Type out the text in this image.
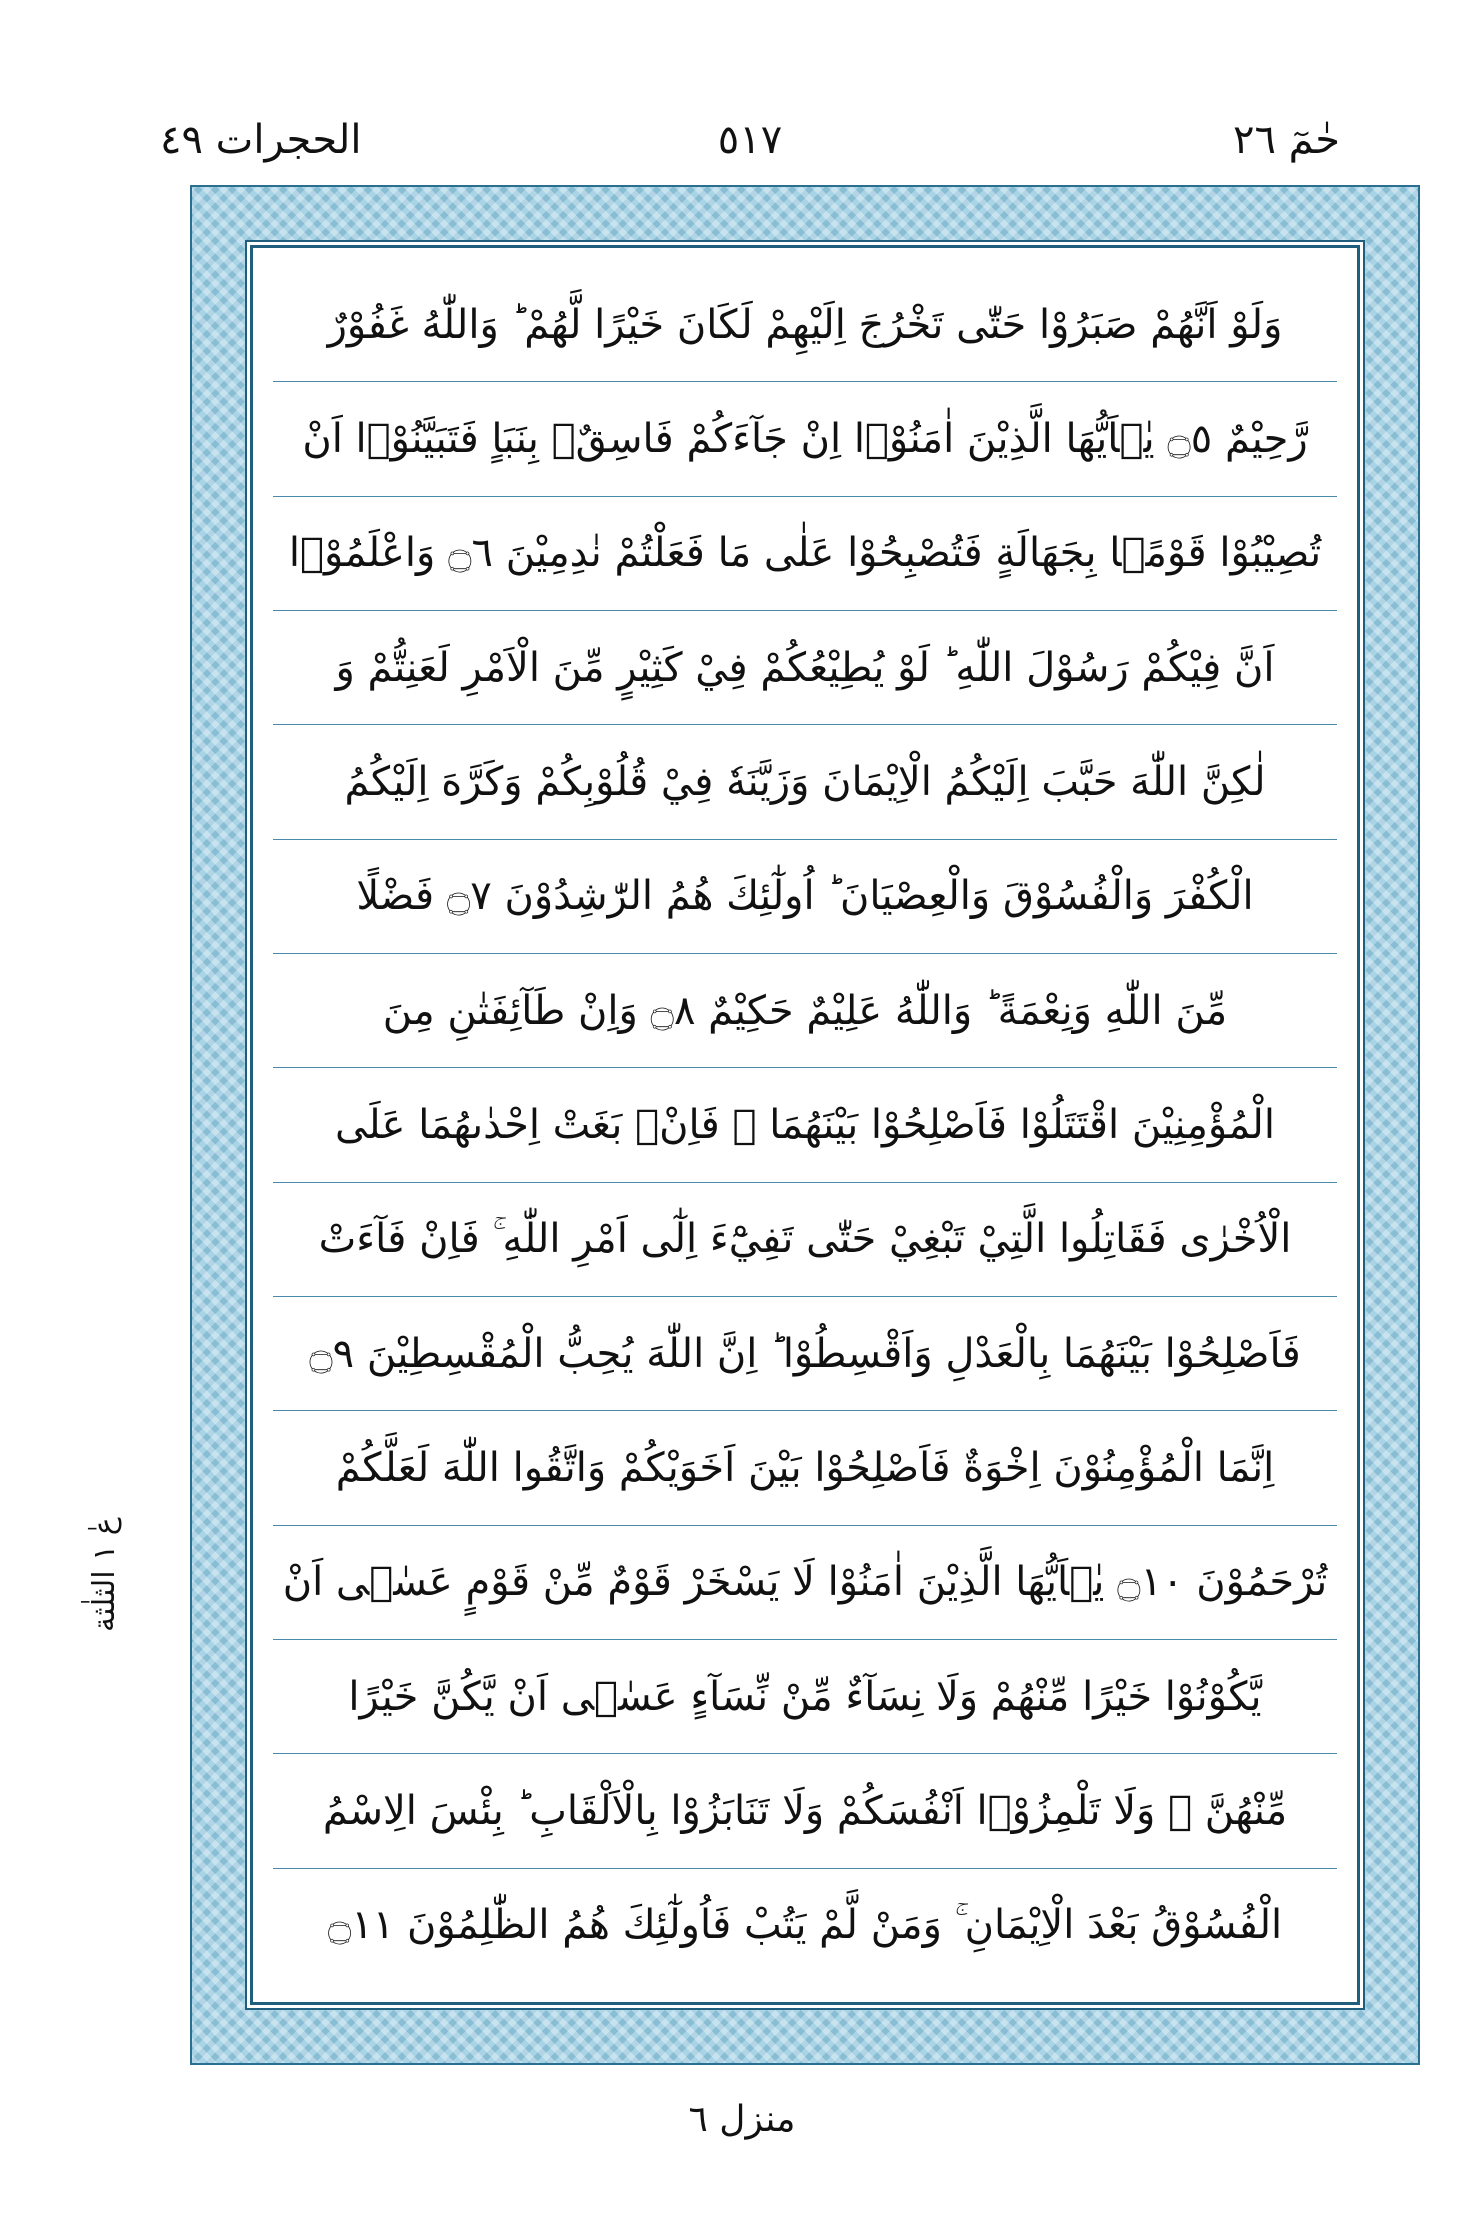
الحجرات ٤٩	٥١٧	حٰمٓ ٢٦
وَلَوْ اَنَّهُمْ صَبَرُوْا حَتّٰى تَخْرُجَ اِلَيْهِمْ لَكَانَ خَيْرًا لَّهُمْ ؕ وَاللّٰهُ غَفُوْرٌ
رَّحِيْمٌ ۝٥ يٰۤاَيُّهَا الَّذِيْنَ اٰمَنُوْۤا اِنْ جَآءَكُمْ فَاسِقٌۢ بِنَبَاٍ فَتَبَيَّنُوْۤا اَنْ
تُصِيْبُوْا قَوْمًۢا بِجَهَالَةٍ فَتُصْبِحُوْا عَلٰى مَا فَعَلْتُمْ نٰدِمِيْنَ ۝٦ وَاعْلَمُوْۤا
اَنَّ فِيْكُمْ رَسُوْلَ اللّٰهِ ؕ لَوْ يُطِيْعُكُمْ فِيْ كَثِيْرٍ مِّنَ الْاَمْرِ لَعَنِتُّمْ وَ
لٰكِنَّ اللّٰهَ حَبَّبَ اِلَيْكُمُ الْاِيْمَانَ وَزَيَّنَهٗ فِيْ قُلُوْبِكُمْ وَكَرَّهَ اِلَيْكُمُ
الْكُفْرَ وَالْفُسُوْقَ وَالْعِصْيَانَ ؕ اُولٰٓئِكَ هُمُ الرّٰشِدُوْنَ ۝٧ فَضْلًا
مِّنَ اللّٰهِ وَنِعْمَةً ؕ وَاللّٰهُ عَلِيْمٌ حَكِيْمٌ ۝٨ وَاِنْ طَآئِفَتٰنِ مِنَ
الْمُؤْمِنِيْنَ اقْتَتَلُوْا فَاَصْلِحُوْا بَيْنَهُمَا ۚ فَاِنْۢ بَغَتْ اِحْدٰىهُمَا عَلَى
الْاُخْرٰى فَقَاتِلُوا الَّتِيْ تَبْغِيْ حَتّٰى تَفِيْٓءَ اِلٰٓى اَمْرِ اللّٰهِ ۚ فَاِنْ فَآءَتْ
فَاَصْلِحُوْا بَيْنَهُمَا بِالْعَدْلِ وَاَقْسِطُوْا ؕ اِنَّ اللّٰهَ يُحِبُّ الْمُقْسِطِيْنَ ۝٩
اِنَّمَا الْمُؤْمِنُوْنَ اِخْوَةٌ فَاَصْلِحُوْا بَيْنَ اَخَوَيْكُمْ وَاتَّقُوا اللّٰهَ لَعَلَّكُمْ
تُرْحَمُوْنَ ۝١٠ يٰۤاَيُّهَا الَّذِيْنَ اٰمَنُوْا لَا يَسْخَرْ قَوْمٌ مِّنْ قَوْمٍ عَسٰۤى اَنْ
يَّكُوْنُوْا خَيْرًا مِّنْهُمْ وَلَا نِسَآءٌ مِّنْ نِّسَآءٍ عَسٰۤى اَنْ يَّكُنَّ خَيْرًا
مِّنْهُنَّ ۚ وَلَا تَلْمِزُوْۤا اَنْفُسَكُمْ وَلَا تَنَابَزُوْا بِالْاَلْقَابِ ؕ بِئْسَ الِاسْمُ
الْفُسُوْقُ بَعْدَ الْاِيْمَانِ ۚ وَمَنْ لَّمْ يَتُبْ فَاُولٰٓئِكَ هُمُ الظّٰلِمُوْنَ ۝١١
عٰ ١ الثلٰثة
منزل ٦
